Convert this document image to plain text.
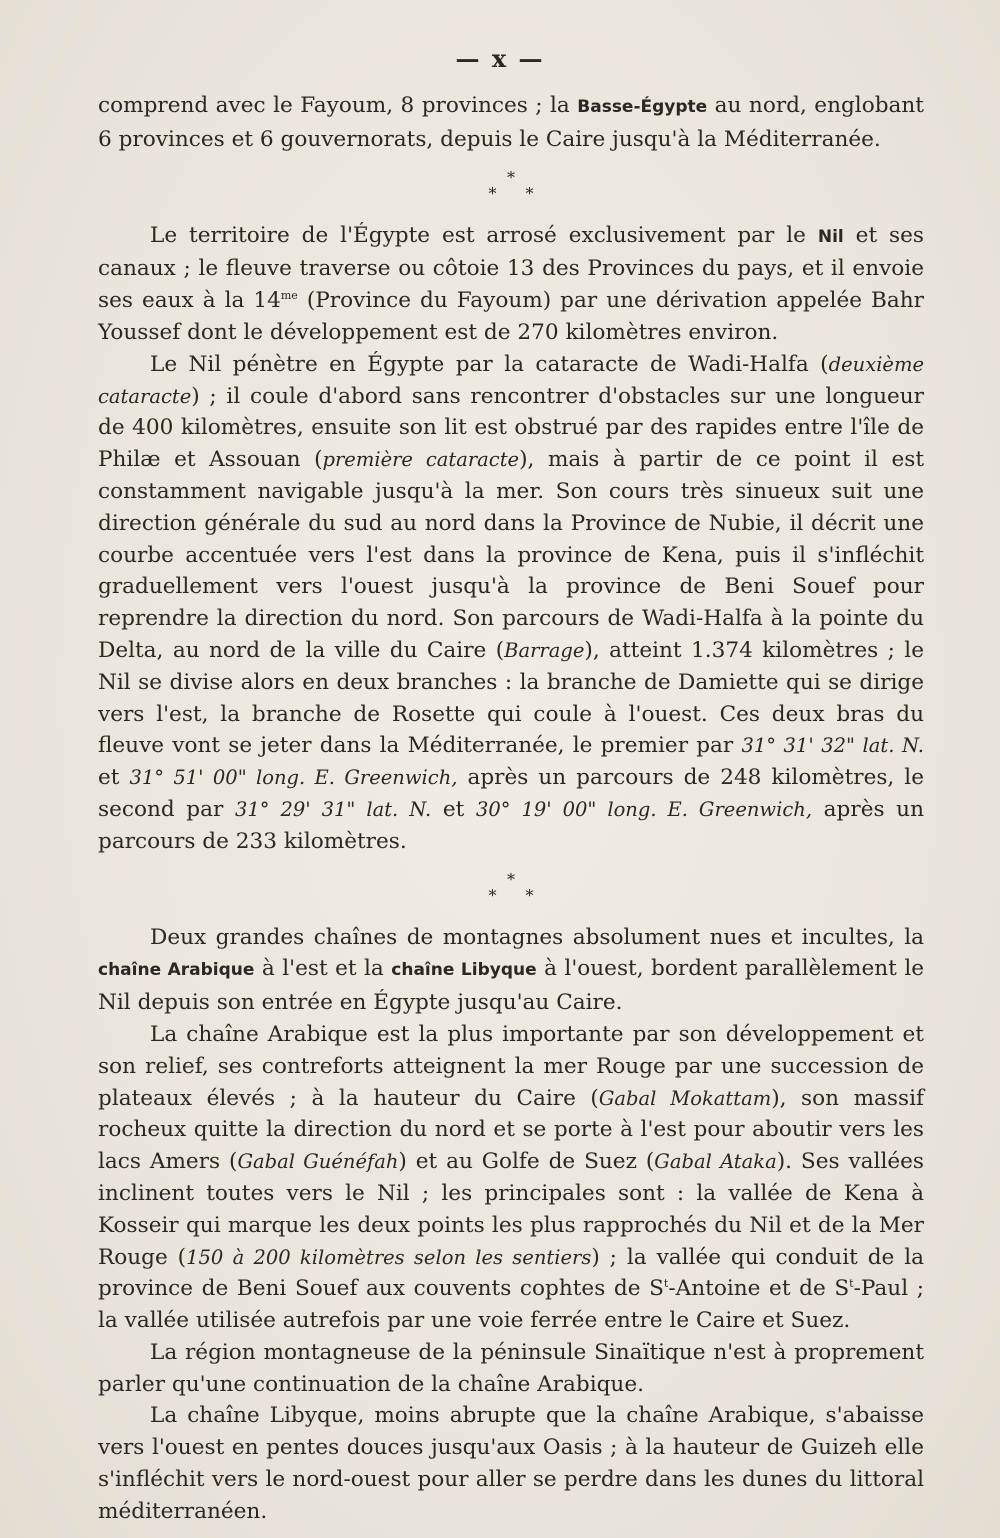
— x —

comprend avec le Fayoum, 8 provinces ; la Basse-Égypte au nord, englobant 6 provinces et 6 gouvernorats, depuis le Caire jusqu'à la Méditerranée.

*
* *

Le territoire de l'Égypte est arrosé exclusivement par le Nil et ses canaux ; le fleuve traverse ou côtoie 13 des Provinces du pays, et il envoie ses eaux à la $14^{me}$ (Province du Fayoum) par une dérivation appelée Bahr Youssef dont le développement est de 270 kilomètres environ.

Le Nil pénètre en Égypte par la cataracte de Wadi-Halfa (deuxième cataracte) ; il coule d'abord sans rencontrer d'obstacles sur une longueur de 400 kilomètres, ensuite son lit est obstrué par des rapides entre l'île de Philæ et Assouan (première cataracte), mais à partir de ce point il est constamment navigable jusqu'à la mer. Son cours très sinueux suit une direction générale du sud au nord dans la Province de Nubie, il décrit une courbe accentuée vers l'est dans la province de Kena, puis il s'infléchit graduellement vers l'ouest jusqu'à la province de Beni Souef pour reprendre la direction du nord. Son parcours de Wadi-Halfa à la pointe du Delta, au nord de la ville du Caire (Barrage), atteint 1.374 kilomètres ; le Nil se divise alors en deux branches : la branche de Damiette qui se dirige vers l'est, la branche de Rosette qui coule à l'ouest. Ces deux bras du fleuve vont se jeter dans la Méditerranée, le premier par 31° 31' 32" lat. N. et 31° 51' 00" long. E. Greenwich, après un parcours de 248 kilomètres, le second par 31° 29' 31" lat. N. et 30° 19' 00" long. E. Greenwich, après un parcours de 233 kilomètres.

*
* *

Deux grandes chaînes de montagnes absolument nues et incultes, la chaîne Arabique à l'est et la chaîne Libyque à l'ouest, bordent parallèlement le Nil depuis son entrée en Égypte jusqu'au Caire.

La chaîne Arabique est la plus importante par son développement et son relief, ses contreforts atteignent la mer Rouge par une succession de plateaux élevés ; à la hauteur du Caire (Gabal Mokattam), son massif rocheux quitte la direction du nord et se porte à l'est pour aboutir vers les lacs Amers (Gabal Guénéfah) et au Golfe de Suez (Gabal Ataka). Ses vallées inclinent toutes vers le Nil ; les principales sont : la vallée de Kena à Kosseir qui marque les deux points les plus rapprochés du Nil et de la Mer Rouge (150 à 200 kilomètres selon les sentiers) ; la vallée qui conduit de la province de Beni Souef aux couvents cophtes de $S^t$-Antoine et de $S^t$-Paul ; la vallée utilisée autrefois par une voie ferrée entre le Caire et Suez.

La région montagneuse de la péninsule Sinaïtique n'est à proprement parler qu'une continuation de la chaîne Arabique.

La chaîne Libyque, moins abrupte que la chaîne Arabique, s'abaisse vers l'ouest en pentes douces jusqu'aux Oasis ; à la hauteur de Guizeh elle s'infléchit vers le nord-ouest pour aller se perdre dans les dunes du littoral méditerranéen.
